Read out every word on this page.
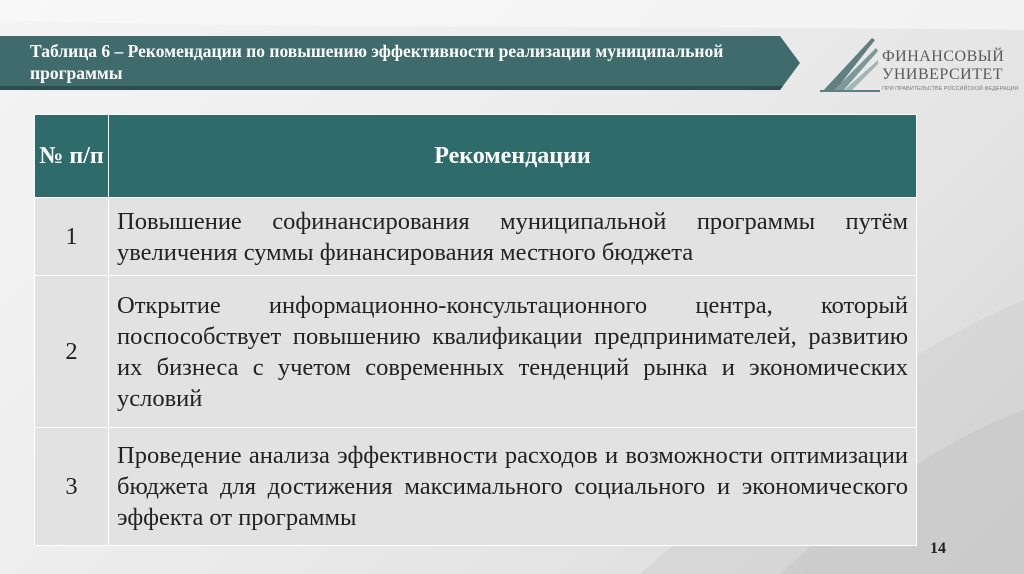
Таблица 6 – Рекомендации по повышению эффективности реализации муниципальной программы
ФИНАНСОВЫЙ
УНИВЕРСИТЕТ
ПРИ ПРАВИТЕЛЬСТВЕ РОССИЙСКОЙ ФЕДЕРАЦИИ
№ п/п	Рекомендации
1	Повышение софинансирования муниципальной программы путём увеличения суммы финансирования местного бюджета
2	Открытие информационно-консультационного центра, который поспособствует повышению квалификации предпринимателей, развитию их бизнеса с учетом современных тенденций рынка и экономических условий
3	Проведение анализа эффективности расходов и возможности оптимизации бюджета для достижения максимального социального и экономического эффекта от программы
14
